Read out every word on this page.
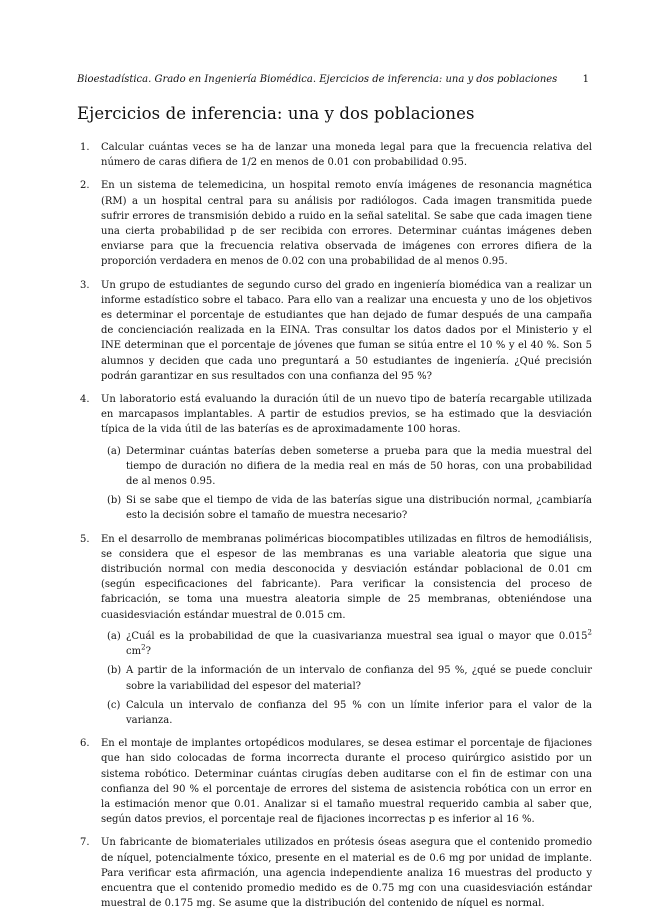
Bioestadística. Grado en Ingeniería Biomédica. Ejercicios de inferencia: una y dos poblaciones	1
Ejercicios de inferencia: una y dos poblaciones
1. Calcular cuántas veces se ha de lanzar una moneda legal para que la frecuencia relativa del número de caras difiera de 1/2 en menos de 0.01 con probabilidad 0.95.
2. En un sistema de telemedicina, un hospital remoto envía imágenes de resonancia magnética (RM) a un hospital central para su análisis por radiólogos. Cada imagen transmitida puede sufrir errores de transmisión debido a ruido en la señal satelital. Se sabe que cada imagen tiene una cierta probabilidad p de ser recibida con errores. Determinar cuántas imágenes deben enviarse para que la frecuencia relativa observada de imágenes con errores difiera de la proporción verdadera en menos de 0.02 con una probabilidad de al menos 0.95.
3. Un grupo de estudiantes de segundo curso del grado en ingeniería biomédica van a realizar un informe estadístico sobre el tabaco. Para ello van a realizar una encuesta y uno de los objetivos es determinar el porcentaje de estudiantes que han dejado de fumar después de una campaña de concienciación realizada en la EINA. Tras consultar los datos dados por el Ministerio y el INE determinan que el porcentaje de jóvenes que fuman se sitúa entre el 10 % y el 40 %. Son 5 alumnos y deciden que cada uno preguntará a 50 estudiantes de ingeniería. ¿Qué precisión podrán garantizar en sus resultados con una confianza del 95 %?
4. Un laboratorio está evaluando la duración útil de un nuevo tipo de batería recargable utilizada en marcapasos implantables. A partir de estudios previos, se ha estimado que la desviación típica de la vida útil de las baterías es de aproximadamente 100 horas.
(a) Determinar cuántas baterías deben someterse a prueba para que la media muestral del tiempo de duración no difiera de la media real en más de 50 horas, con una probabilidad de al menos 0.95.
(b) Si se sabe que el tiempo de vida de las baterías sigue una distribución normal, ¿cambiaría esto la decisión sobre el tamaño de muestra necesario?
5. En el desarrollo de membranas poliméricas biocompatibles utilizadas en filtros de hemodiálisis, se considera que el espesor de las membranas es una variable aleatoria que sigue una distribución normal con media desconocida y desviación estándar poblacional de 0.01 cm (según especificaciones del fabricante). Para verificar la consistencia del proceso de fabricación, se toma una muestra aleatoria simple de 25 membranas, obteniéndose una cuasidesviación estándar muestral de 0.015 cm.
(a) ¿Cuál es la probabilidad de que la cuasivarianza muestral sea igual o mayor que 0.015$^2$ $cm^2$?
(b) A partir de la información de un intervalo de confianza del 95 %, ¿qué se puede concluir sobre la variabilidad del espesor del material?
(c) Calcula un intervalo de confianza del 95 % con un límite inferior para el valor de la varianza.
6. En el montaje de implantes ortopédicos modulares, se desea estimar el porcentaje de fijaciones que han sido colocadas de forma incorrecta durante el proceso quirúrgico asistido por un sistema robótico. Determinar cuántas cirugías deben auditarse con el fin de estimar con una confianza del 90 % el porcentaje de errores del sistema de asistencia robótica con un error en la estimación menor que 0.01. Analizar si el tamaño muestral requerido cambia al saber que, según datos previos, el porcentaje real de fijaciones incorrectas p es inferior al 16 %.
7. Un fabricante de biomateriales utilizados en prótesis óseas asegura que el contenido promedio de níquel, potencialmente tóxico, presente en el material es de 0.6 mg por unidad de implante. Para verificar esta afirmación, una agencia independiente analiza 16 muestras del producto y encuentra que el contenido promedio medido es de 0.75 mg con una cuasidesviación estándar muestral de 0.175 mg. Se asume que la distribución del contenido de níquel es normal.
